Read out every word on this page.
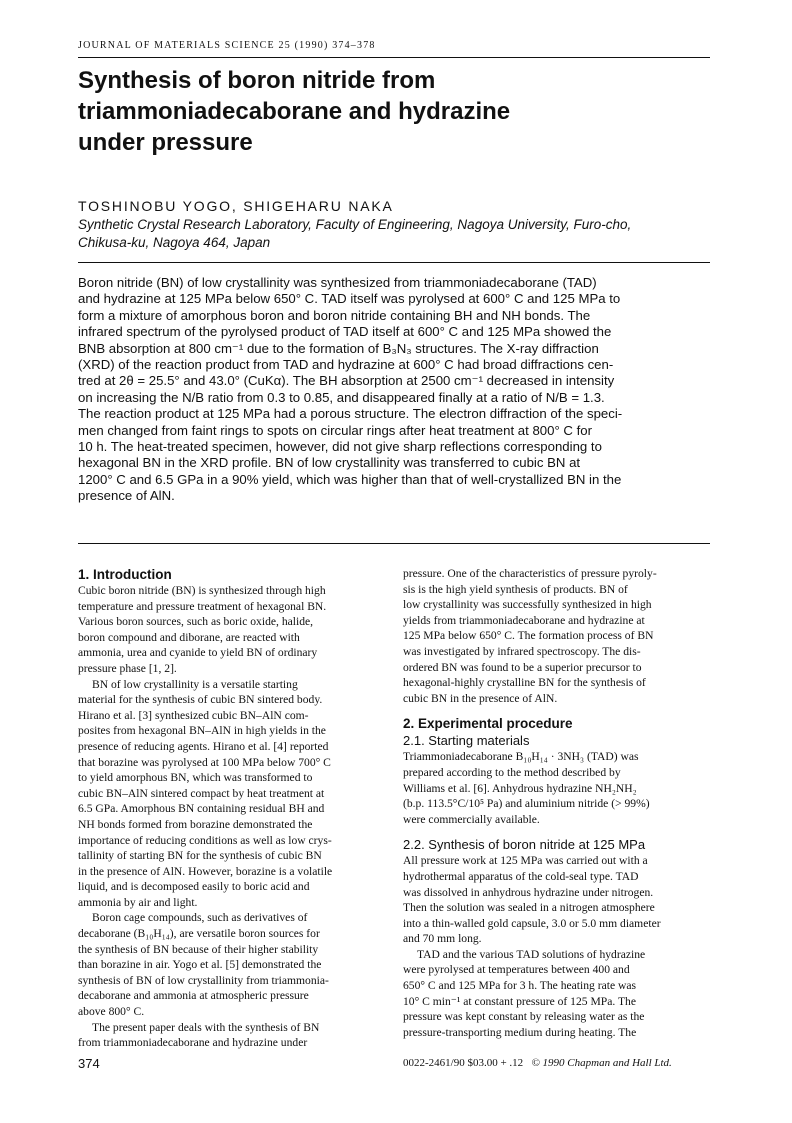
JOURNAL OF MATERIALS SCIENCE 25 (1990) 374–378
Synthesis of boron nitride from
triammoniadecaborane and hydrazine
under pressure
TOSHINOBU YOGO, SHIGEHARU NAKA
Synthetic Crystal Research Laboratory, Faculty of Engineering, Nagoya University, Furo-cho,
Chikusa-ku, Nagoya 464, Japan
Boron nitride (BN) of low crystallinity was synthesized from triammoniadecaborane (TAD)
and hydrazine at 125 MPa below 650° C. TAD itself was pyrolysed at 600° C and 125 MPa to
form a mixture of amorphous boron and boron nitride containing BH and NH bonds. The
infrared spectrum of the pyrolysed product of TAD itself at 600° C and 125 MPa showed the
BNB absorption at 800 cm⁻¹ due to the formation of B₃N₃ structures. The X-ray diffraction
(XRD) of the reaction product from TAD and hydrazine at 600° C had broad diffractions cen-
tred at 2θ = 25.5° and 43.0° (CuKα). The BH absorption at 2500 cm⁻¹ decreased in intensity
on increasing the N/B ratio from 0.3 to 0.85, and disappeared finally at a ratio of N/B = 1.3.
The reaction product at 125 MPa had a porous structure. The electron diffraction of the speci-
men changed from faint rings to spots on circular rings after heat treatment at 800° C for
10 h. The heat-treated specimen, however, did not give sharp reflections corresponding to
hexagonal BN in the XRD profile. BN of low crystallinity was transferred to cubic BN at
1200° C and 6.5 GPa in a 90% yield, which was higher than that of well-crystallized BN in the
presence of AlN.
1. Introduction
Cubic boron nitride (BN) is synthesized through high
temperature and pressure treatment of hexagonal BN.
Various boron sources, such as boric oxide, halide,
boron compound and diborane, are reacted with
ammonia, urea and cyanide to yield BN of ordinary
pressure phase [1, 2].
BN of low crystallinity is a versatile starting
material for the synthesis of cubic BN sintered body.
Hirano et al. [3] synthesized cubic BN–AlN com-
posites from hexagonal BN–AlN in high yields in the
presence of reducing agents. Hirano et al. [4] reported
that borazine was pyrolysed at 100 MPa below 700° C
to yield amorphous BN, which was transformed to
cubic BN–AlN sintered compact by heat treatment at
6.5 GPa. Amorphous BN containing residual BH and
NH bonds formed from borazine demonstrated the
importance of reducing conditions as well as low crys-
tallinity of starting BN for the synthesis of cubic BN
in the presence of AlN. However, borazine is a volatile
liquid, and is decomposed easily to boric acid and
ammonia by air and light.
Boron cage compounds, such as derivatives of
decaborane (B₁₀H₁₄), are versatile boron sources for
the synthesis of BN because of their higher stability
than borazine in air. Yogo et al. [5] demonstrated the
synthesis of BN of low crystallinity from triammonia-
decaborane and ammonia at atmospheric pressure
above 800° C.
The present paper deals with the synthesis of BN
from triammoniadecaborane and hydrazine under
pressure. One of the characteristics of pressure pyroly-
sis is the high yield synthesis of products. BN of
low crystallinity was successfully synthesized in high
yields from triammoniadecaborane and hydrazine at
125 MPa below 650° C. The formation process of BN
was investigated by infrared spectroscopy. The dis-
ordered BN was found to be a superior precursor to
hexagonal-highly crystalline BN for the synthesis of
cubic BN in the presence of AlN.
2. Experimental procedure
2.1. Starting materials
Triammoniadecaborane B₁₀H₁₄ · 3NH₃ (TAD) was
prepared according to the method described by
Williams et al. [6]. Anhydrous hydrazine NH₂NH₂
(b.p. 113.5°C/10⁵ Pa) and aluminium nitride (> 99%)
were commercially available.
2.2. Synthesis of boron nitride at 125 MPa
All pressure work at 125 MPa was carried out with a
hydrothermal apparatus of the cold-seal type. TAD
was dissolved in anhydrous hydrazine under nitrogen.
Then the solution was sealed in a nitrogen atmosphere
into a thin-walled gold capsule, 3.0 or 5.0 mm diameter
and 70 mm long.
TAD and the various TAD solutions of hydrazine
were pyrolysed at temperatures between 400 and
650° C and 125 MPa for 3 h. The heating rate was
10° C min⁻¹ at constant pressure of 125 MPa. The
pressure was kept constant by releasing water as the
pressure-transporting medium during heating. The
374	0022-2461/90 $03.00 + .12 © 1990 Chapman and Hall Ltd.
